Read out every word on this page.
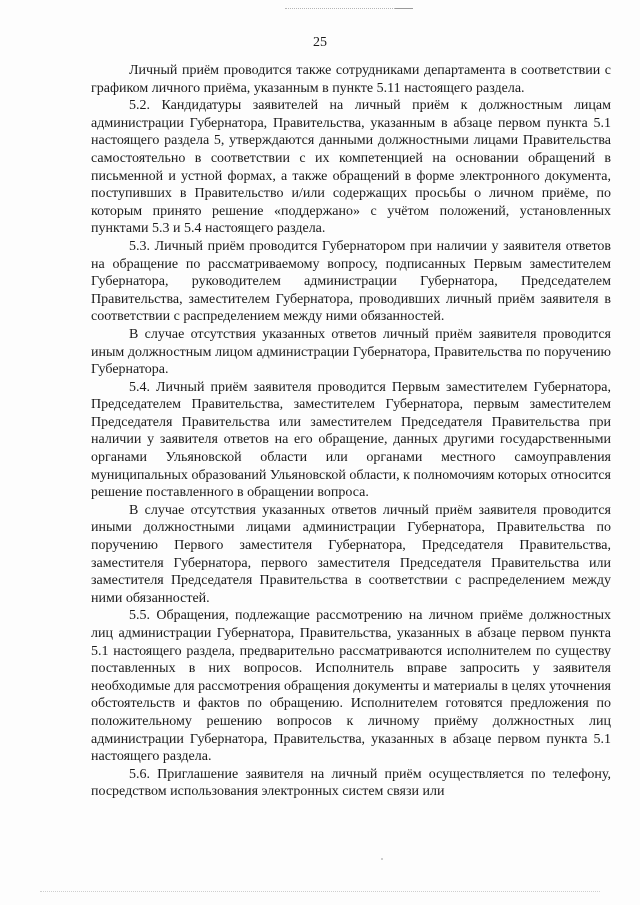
25

Личный приём проводится также сотрудниками департамента в соответствии с графиком личного приёма, указанным в пункте 5.11 настоящего раздела.

5.2. Кандидатуры заявителей на личный приём к должностным лицам администрации Губернатора, Правительства, указанным в абзаце первом пункта 5.1 настоящего раздела 5, утверждаются данными должностными лицами Правительства самостоятельно в соответствии с их компетенцией на основании обращений в письменной и устной формах, а также обращений в форме электронного документа, поступивших в Правительство и/или содержащих просьбы о личном приёме, по которым принято решение «поддержано» с учётом положений, установленных пунктами 5.3 и 5.4 настоящего раздела.

5.3. Личный приём проводится Губернатором при наличии у заявителя ответов на обращение по рассматриваемому вопросу, подписанных Первым заместителем Губернатора, руководителем администрации Губернатора, Председателем Правительства, заместителем Губернатора, проводивших личный приём заявителя в соответствии с распределением между ними обязанностей.

В случае отсутствия указанных ответов личный приём заявителя проводится иным должностным лицом администрации Губернатора, Правительства по поручению Губернатора.

5.4. Личный приём заявителя проводится Первым заместителем Губернатора, Председателем Правительства, заместителем Губернатора, первым заместителем Председателя Правительства или заместителем Председателя Правительства при наличии у заявителя ответов на его обращение, данных другими государственными органами Ульяновской области или органами местного самоуправления муниципальных образований Ульяновской области, к полномочиям которых относится решение поставленного в обращении вопроса.

В случае отсутствия указанных ответов личный приём заявителя проводится иными должностными лицами администрации Губернатора, Правительства по поручению Первого заместителя Губернатора, Председателя Правительства, заместителя Губернатора, первого заместителя Председателя Правительства или заместителя Председателя Правительства в соответствии с распределением между ними обязанностей.

5.5. Обращения, подлежащие рассмотрению на личном приёме должностных лиц администрации Губернатора, Правительства, указанных в абзаце первом пункта 5.1 настоящего раздела, предварительно рассматриваются исполнителем по существу поставленных в них вопросов. Исполнитель вправе запросить у заявителя необходимые для рассмотрения обращения документы и материалы в целях уточнения обстоятельств и фактов по обращению. Исполнителем готовятся предложения по положительному решению вопросов к личному приёму должностных лиц администрации Губернатора, Правительства, указанных в абзаце первом пункта 5.1 настоящего раздела.

5.6. Приглашение заявителя на личный приём осуществляется по телефону, посредством использования электронных систем связи или
